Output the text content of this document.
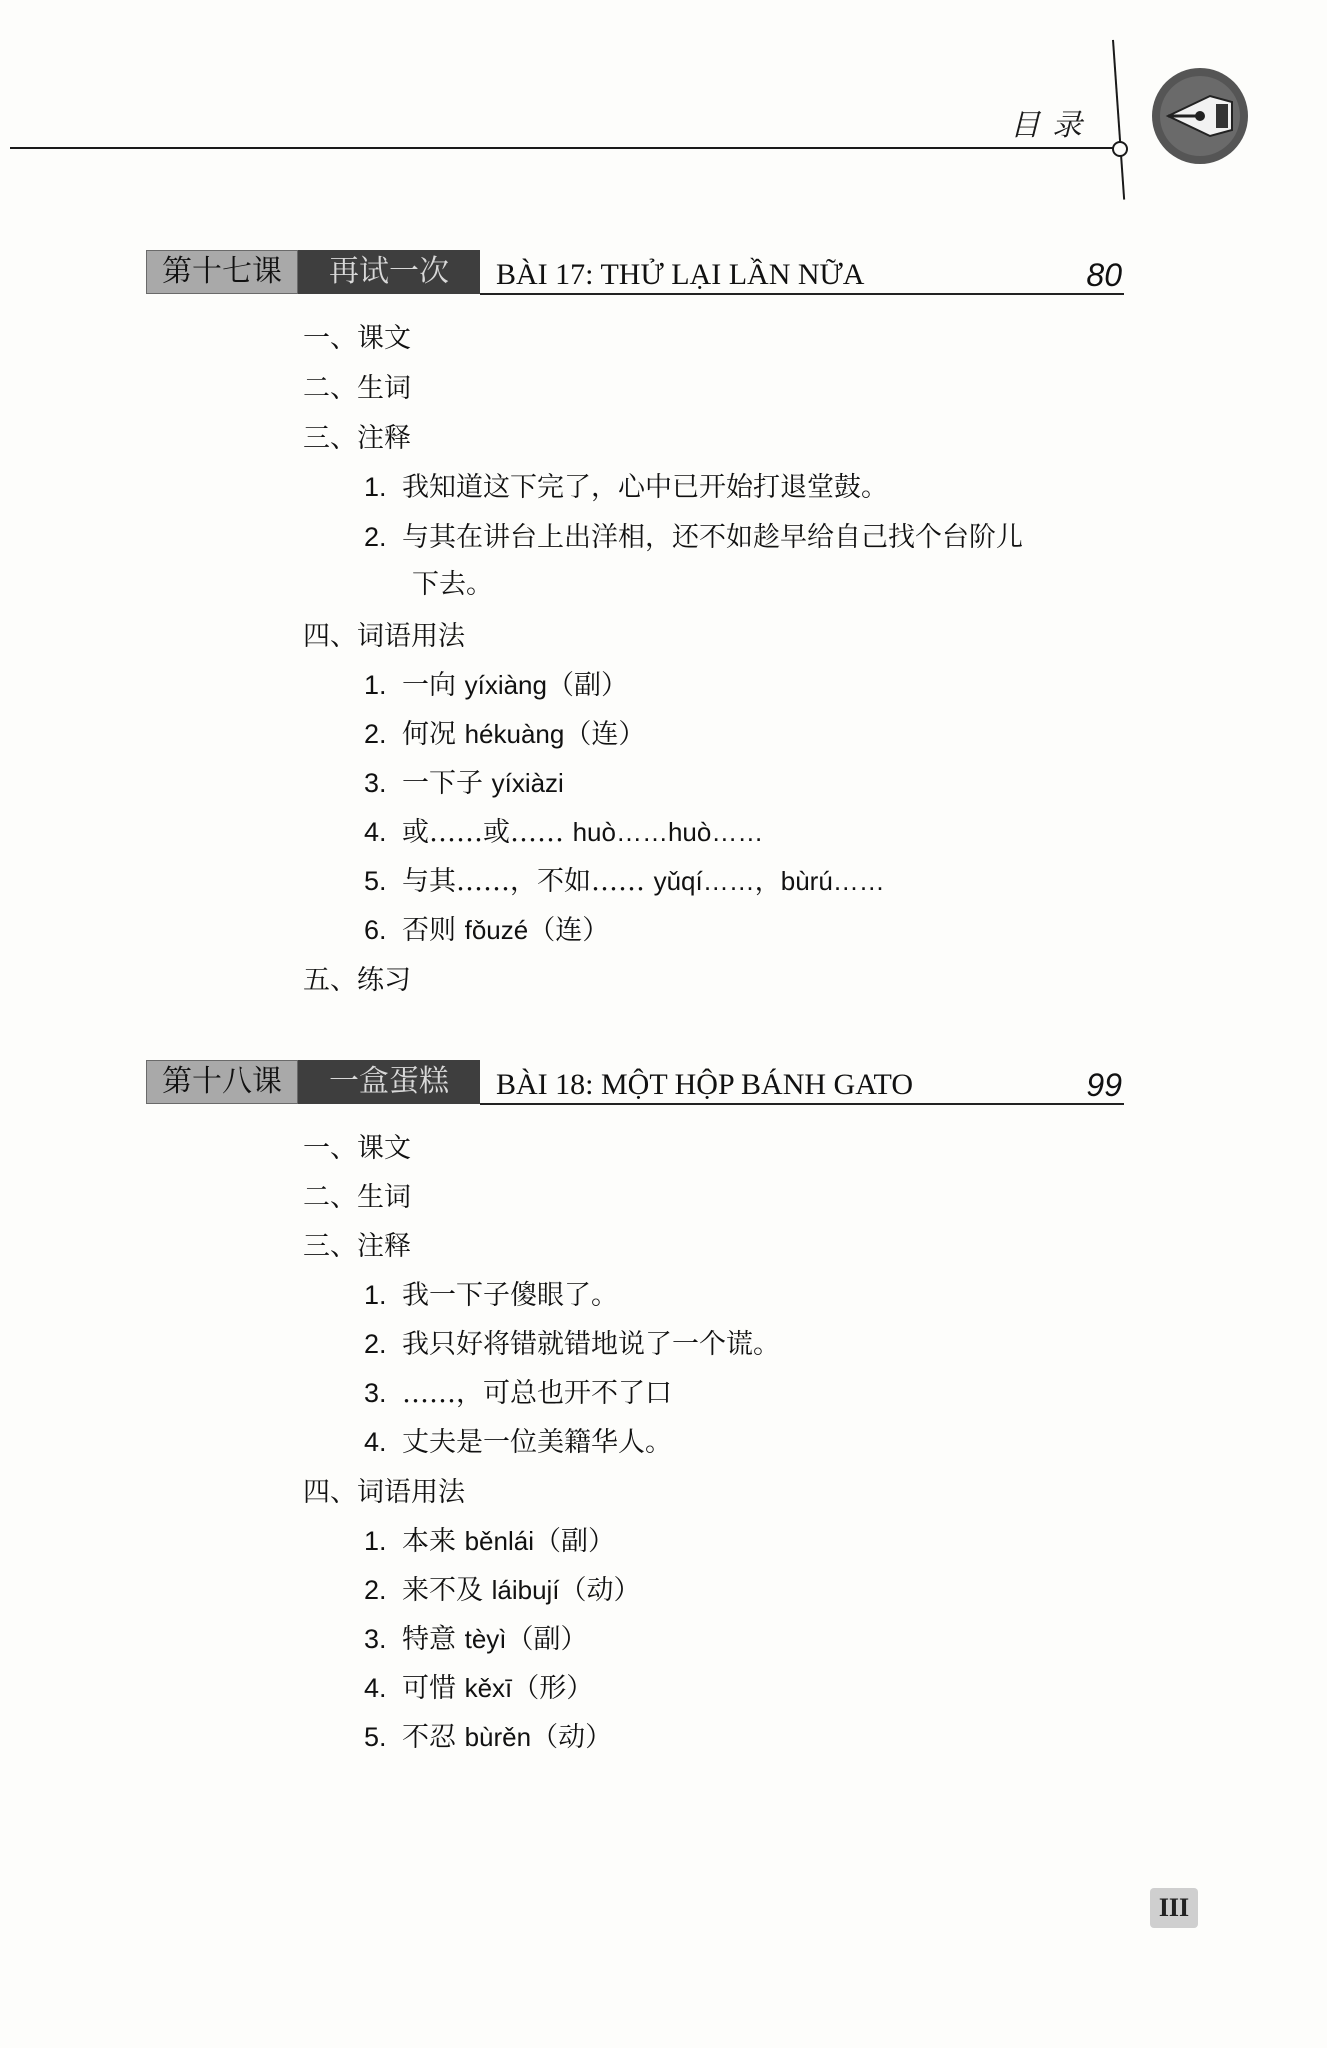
目录
第十七课	再试一次	BÀI 17: THỬ LẠI LẦN NỮA	80
一、课文
二、生词
三、注释
1. 我知道这下完了，心中已开始打退堂鼓。
2. 与其在讲台上出洋相，还不如趁早给自己找个台阶儿
下去。
四、词语用法
1. 一向 yíxiàng（副）
2. 何况 hékuàng（连）
3. 一下子 yíxiàzi
4. 或……或…… huò……huò……
5. 与其……，不如…… yǔqí……，bùrú……
6. 否则 fǒuzé（连）
五、练习
第十八课	一盒蛋糕	BÀI 18: MỘT HỘP BÁNH GATO	99
一、课文
二、生词
三、注释
1. 我一下子傻眼了。
2. 我只好将错就错地说了一个谎。
3. ……，可总也开不了口
4. 丈夫是一位美籍华人。
四、词语用法
1. 本来 běnlái（副）
2. 来不及 láibují（动）
3. 特意 tèyì（副）
4. 可惜 kěxī（形）
5. 不忍 bùrěn（动）
III
